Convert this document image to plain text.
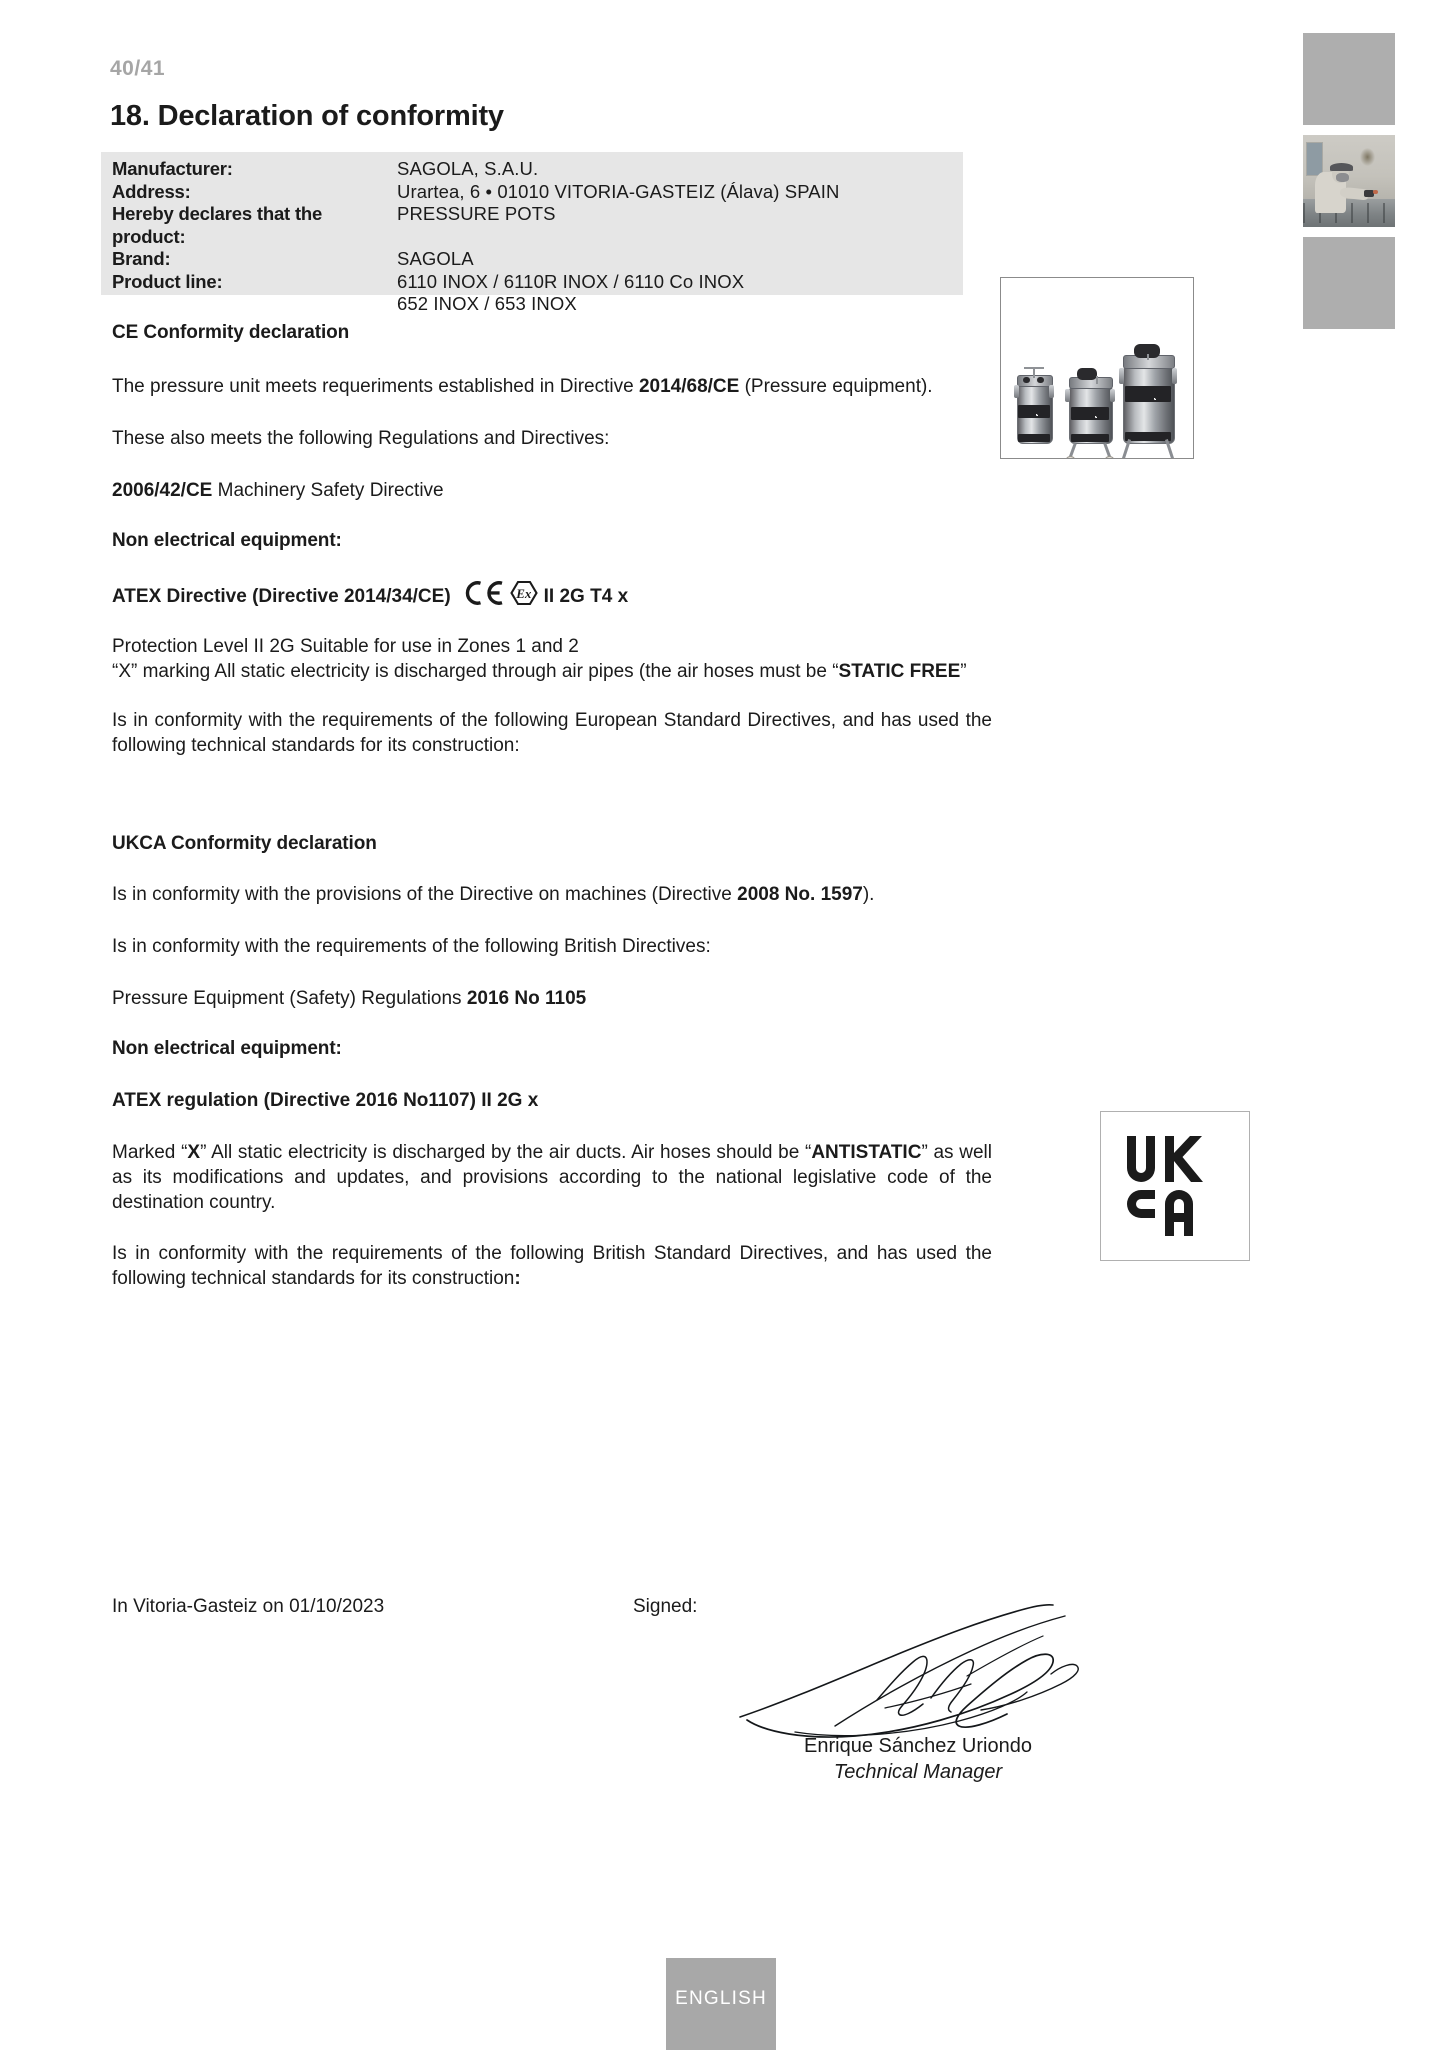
40/41
18. Declaration of conformity
Manufacturer:	SAGOLA, S.A.U.
Address:	Urartea, 6 • 01010 VITORIA-GASTEIZ (Álava) SPAIN
Hereby declares that the product:
PRESSURE POTS
Brand:	SAGOLA
Product line:	6110 INOX / 6110R INOX / 6110 Co INOX
652 INOX / 653 INOX
CE Conformity declaration

The pressure unit meets requeriments established in Directive 2014/68/CE (Pressure equipment).

These also meets the following Regulations and Directives:

2006/42/CE Machinery Safety Directive

Non electrical equipment:

ATEX Directive (Directive 2014/34/CE)	Ex II 2G T4 x

Protection Level II 2G Suitable for use in Zones 1 and 2

“X” marking All static electricity is discharged through air pipes (the air hoses must be “STATIC FREE”

Is in conformity with the requirements of the following European Standard Directives, and has used the following technical standards for its construction:

UKCA Conformity declaration

Is in conformity with the provisions of the Directive on machines (Directive 2008 No. 1597).

Is in conformity with the requirements of the following British Directives:

Pressure Equipment (Safety) Regulations 2016 No 1105

Non electrical equipment:

ATEX regulation (Directive 2016 No1107) II 2G x

Marked “X” All static electricity is discharged by the air ducts. Air hoses should be “ANTISTATIC” as well as its modifications and updates, and provisions according to the national legislative code of the destination country.

Is in conformity with the requirements of the following British Standard Directives, and has used the following technical standards for its construction:

In Vitoria-Gasteiz on 01/10/2023	Signed:
Enrique Sánchez Uriondo
Technical Manager
ENGLISH
